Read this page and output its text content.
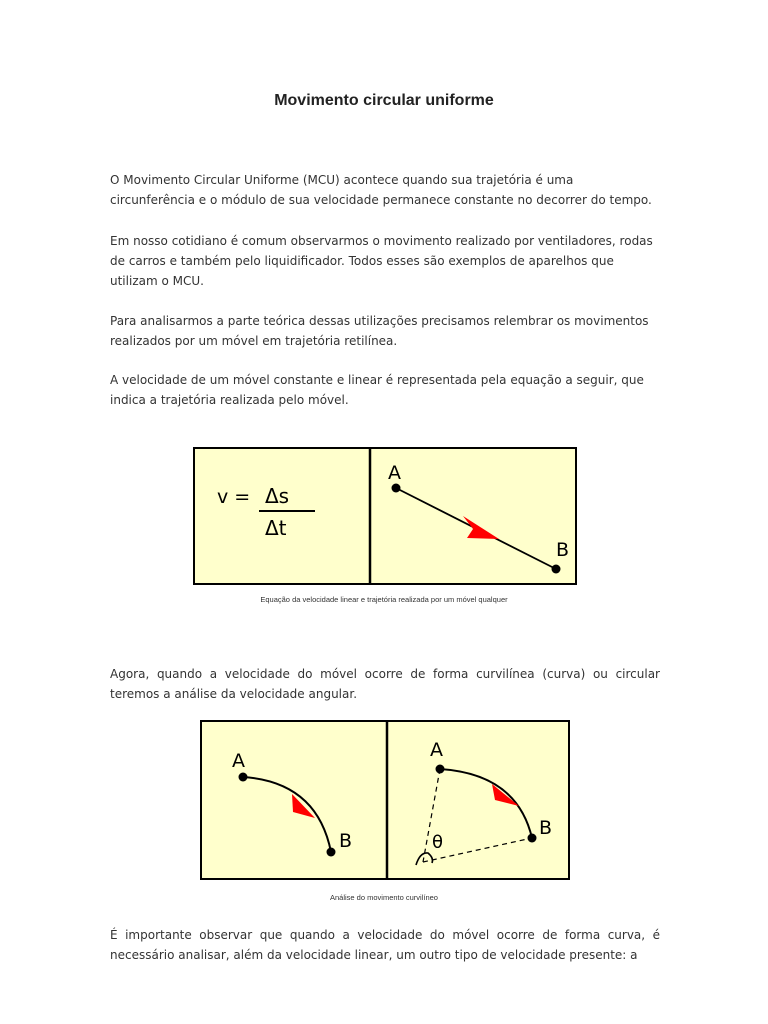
Movimento circular uniforme

O Movimento Circular Uniforme (MCU) acontece quando sua trajetória é uma circunferência e o módulo de sua velocidade permanece constante no decorrer do tempo.

Em nosso cotidiano é comum observarmos o movimento realizado por ventiladores, rodas de carros e também pelo liquidificador. Todos esses são exemplos de aparelhos que utilizam o MCU.

Para analisarmos a parte teórica dessas utilizações precisamos relembrar os movimentos realizados por um móvel em trajetória retilínea.

A velocidade de um móvel constante e linear é representada pela equação a seguir, que indica a trajetória realizada pelo móvel.

v = Δs
Δt
A
B
Equação da velocidade linear e trajetória realizada por um móvel qualquer

Agora, quando a velocidade do móvel ocorre de forma curvilínea (curva) ou circular teremos a análise da velocidade angular.

A
B
A
B
θ
Análise do movimento curvilíneo

É importante observar que quando a velocidade do móvel ocorre de forma curva, é necessário analisar, além da velocidade linear, um outro tipo de velocidade presente: a
